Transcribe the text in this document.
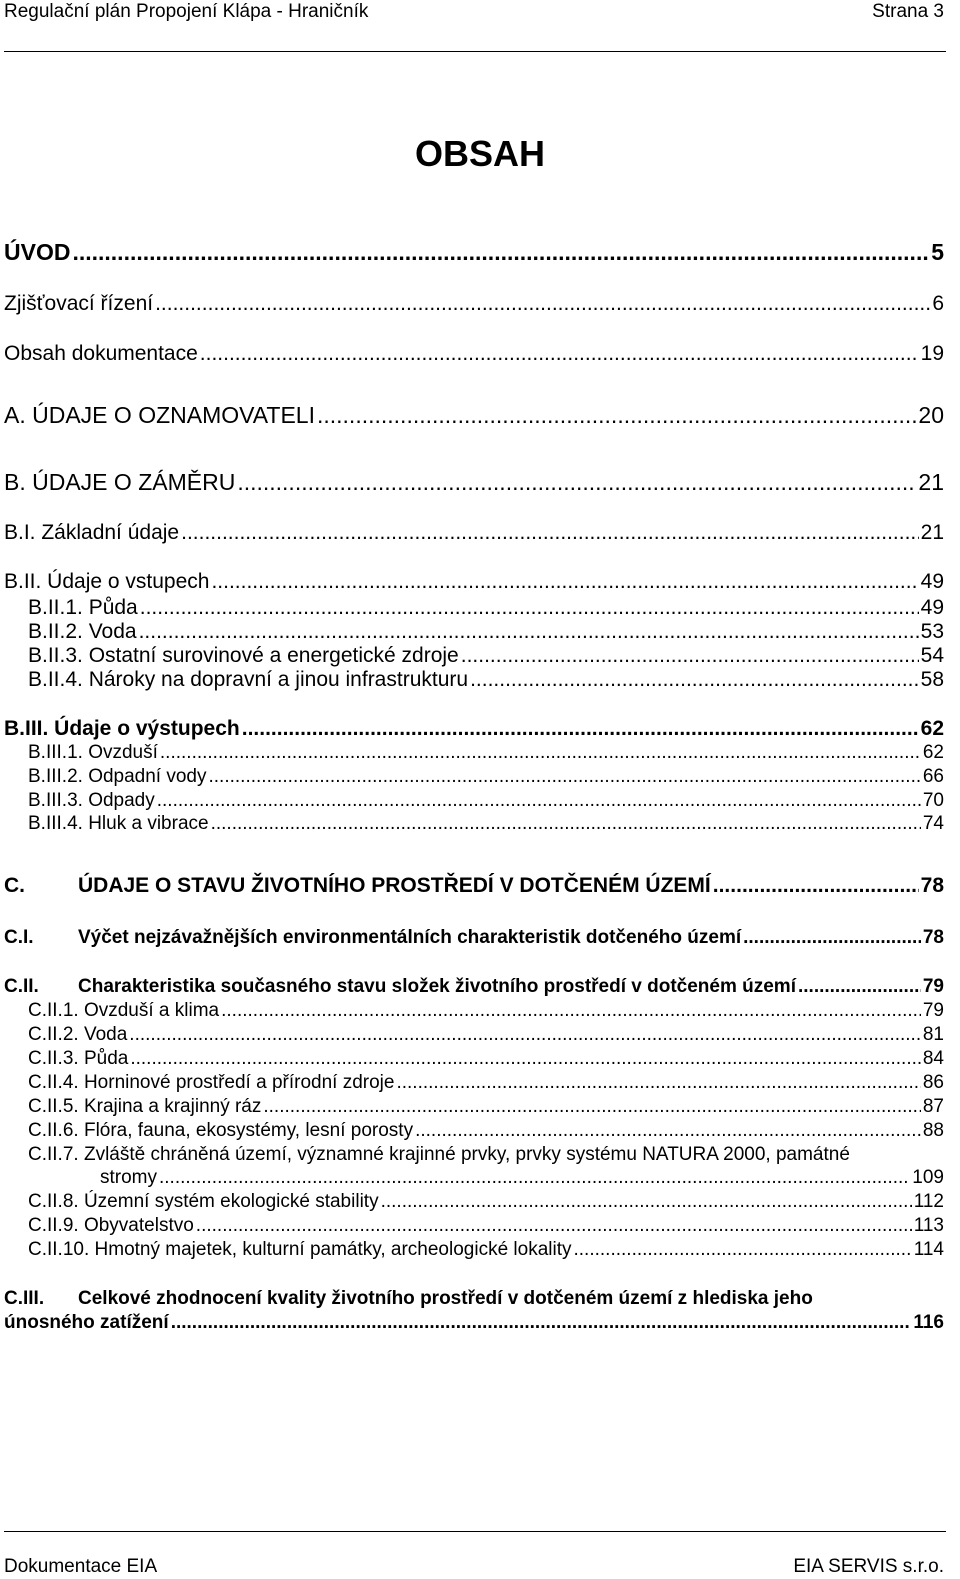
Regulační plán Propojení Klápa - Hraničník	Strana 3
OBSAH
ÚVOD .....	5
Zjišťovací řízení .....	6
Obsah dokumentace .....	19
A. ÚDAJE O OZNAMOVATELI .....	20
B. ÚDAJE O ZÁMĚRU .....	21
B.I. Základní údaje .....	21
B.II. Údaje o vstupech .....	49
B.II.1. Půda .....	49
B.II.2. Voda .....	53
B.II.3. Ostatní surovinové a energetické zdroje .....	54
B.II.4. Nároky na dopravní a jinou infrastrukturu .....	58
B.III. Údaje o výstupech .....	62
B.III.1. Ovzduší .....	62
B.III.2. Odpadní vody .....	66
B.III.3. Odpady .....	70
B.III.4. Hluk a vibrace .....	74
C.	ÚDAJE O STAVU ŽIVOTNÍHO PROSTŘEDÍ V DOTČENÉM ÚZEMÍ .....	78
C.I. Výčet nejzávažnějších environmentálních charakteristik dotčeného území .....	78
C.II. Charakteristika současného stavu složek životního prostředí v dotčeném území .....	79
C.II.1. Ovzduší a klima .....	79
C.II.2. Voda .....	81
C.II.3. Půda .....	84
C.II.4. Horninové prostředí a přírodní zdroje .....	86
C.II.5. Krajina a krajinný ráz .....	87
C.II.6. Flóra, fauna, ekosystémy, lesní porosty .....	88
C.II.7. Zvláště chráněná území, významné krajinné prvky, prvky systému NATURA 2000, památné
stromy .....	109
C.II.8. Územní systém ekologické stability .....	112
C.II.9. Obyvatelstvo .....	113
C.II.10. Hmotný majetek, kulturní památky, archeologické lokality .....	114
C.III. Celkové zhodnocení kvality životního prostředí v dotčeném území z hlediska jeho
únosného zatížení .....	116
Dokumentace EIA	EIA SERVIS s.r.o.
